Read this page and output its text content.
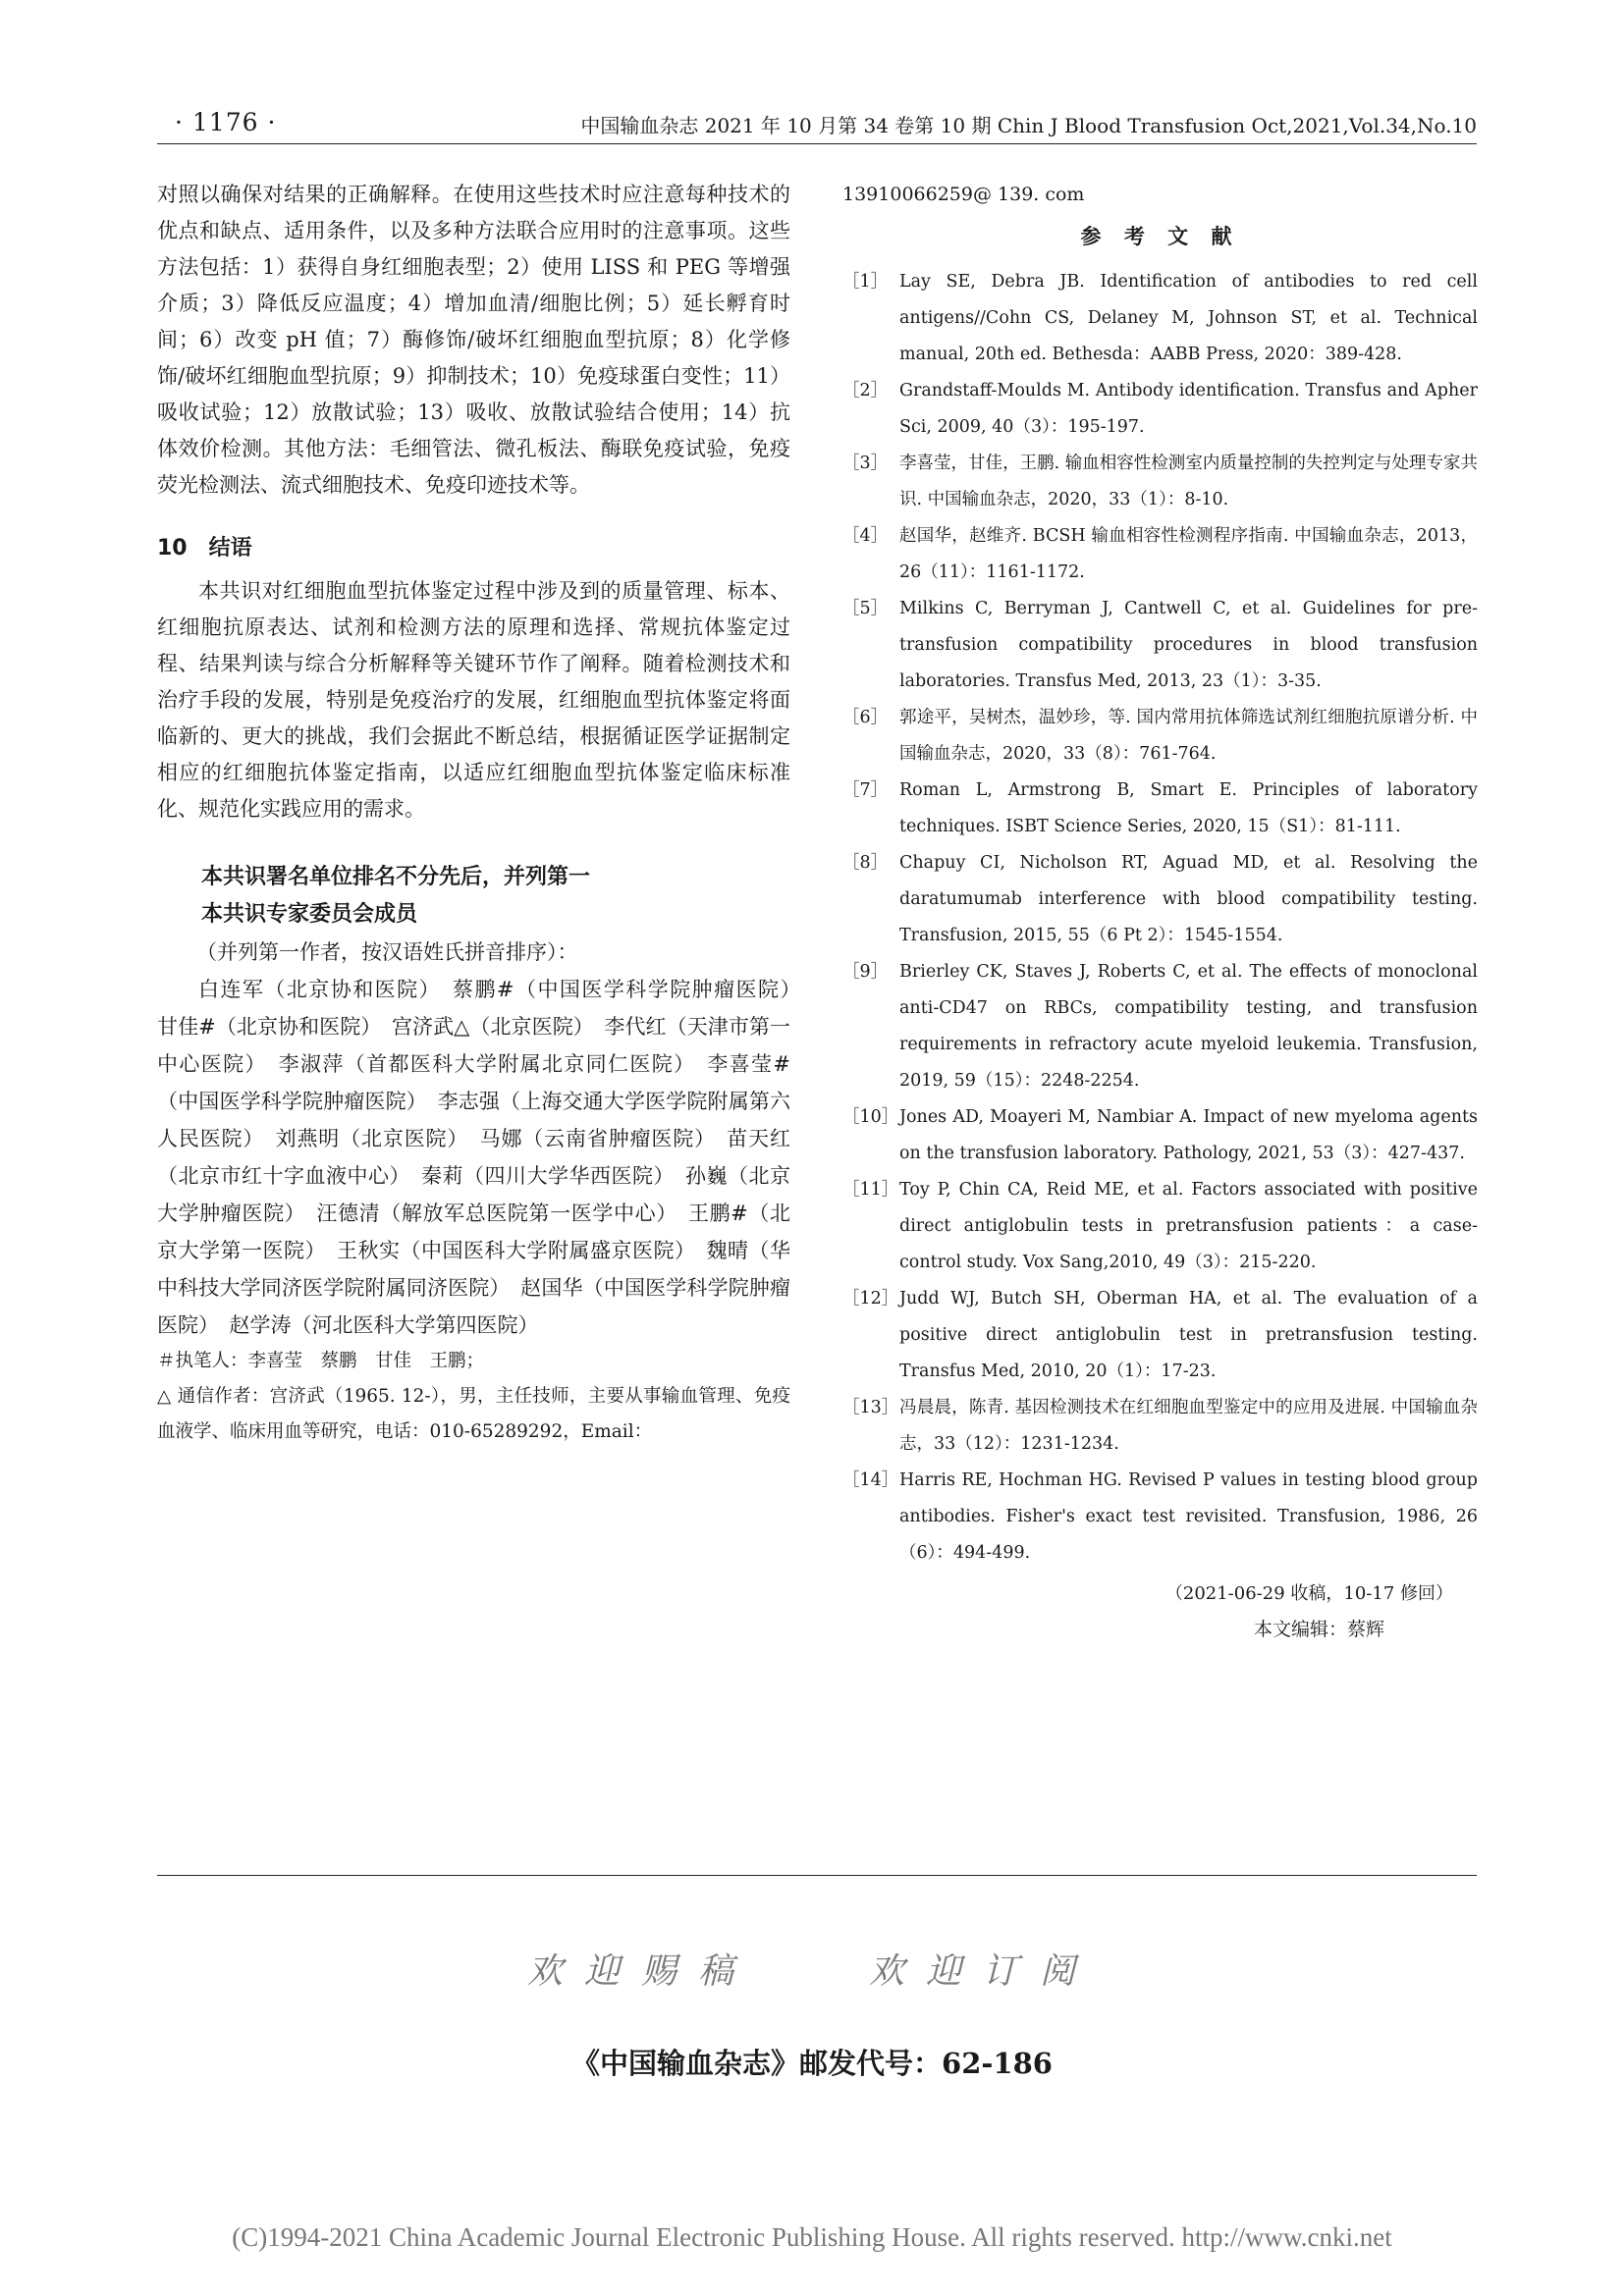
· 1176 ·	中国输血杂志 2021 年 10 月第 34 卷第 10 期 Chin J Blood Transfusion Oct,2021,Vol.34,No.10

对照以确保对结果的正确解释。在使用这些技术时应注意每种技术的优点和缺点、适用条件，以及多种方法联合应用时的注意事项。这些方法包括：1）获得自身红细胞表型；2）使用 LISS 和 PEG 等增强介质；3）降低反应温度；4）增加血清/细胞比例；5）延长孵育时间；6）改变 pH 值；7）酶修饰/破坏红细胞血型抗原；8）化学修饰/破坏红细胞血型抗原；9）抑制技术；10）免疫球蛋白变性；11）吸收试验；12）放散试验；13）吸收、放散试验结合使用；14）抗体效价检测。其他方法：毛细管法、微孔板法、酶联免疫试验，免疫荧光检测法、流式细胞技术、免疫印迹技术等。

10　结语

本共识对红细胞血型抗体鉴定过程中涉及到的质量管理、标本、红细胞抗原表达、试剂和检测方法的原理和选择、常规抗体鉴定过程、结果判读与综合分析解释等关键环节作了阐释。随着检测技术和治疗手段的发展，特别是免疫治疗的发展，红细胞血型抗体鉴定将面临新的、更大的挑战，我们会据此不断总结，根据循证医学证据制定相应的红细胞抗体鉴定指南，以适应红细胞血型抗体鉴定临床标准化、规范化实践应用的需求。

本共识署名单位排名不分先后，并列第一
本共识专家委员会成员
（并列第一作者，按汉语姓氏拼音排序）：

白连军（北京协和医院）　蔡鹏#（中国医学科学院肿瘤医院）　甘佳#（北京协和医院）　宫济武△（北京医院）　李代红（天津市第一中心医院）　李淑萍（首都医科大学附属北京同仁医院）　李喜莹#（中国医学科学院肿瘤医院）　李志强（上海交通大学医学院附属第六人民医院）　刘燕明（北京医院）　马娜（云南省肿瘤医院）　苗天红（北京市红十字血液中心）　秦莉（四川大学华西医院）　孙巍（北京大学肿瘤医院）　汪德清（解放军总医院第一医学中心）　王鹏#（北京大学第一医院）　王秋实（中国医科大学附属盛京医院）　魏晴（华中科技大学同济医学院附属同济医院）　赵国华（中国医学科学院肿瘤医院）　赵学涛（河北医科大学第四医院）

＃执笔人：李喜莹　蔡鹏　甘佳　王鹏；

△ 通信作者：宫济武（1965. 12-），男，主任技师，主要从事输血管理、免疫血液学、临床用血等研究，电话：010-65289292，Email：

13910066259@ 139. com

参 考 文 献
［1］ Lay SE, Debra JB. Identification of antibodies to red cell antigens//Cohn CS, Delaney M, Johnson ST, et al. Technical manual, 20th ed. Bethesda：AABB Press, 2020：389-428.
［2］ Grandstaff-Moulds M. Antibody identification. Transfus and Apher Sci, 2009, 40（3）：195-197.
［3］ 李喜莹，甘佳，王鹏. 输血相容性检测室内质量控制的失控判定与处理专家共识. 中国输血杂志，2020，33（1）：8-10.
［4］ 赵国华，赵维齐. BCSH 输血相容性检测程序指南. 中国输血杂志，2013，26（11）：1161-1172.
［5］ Milkins C, Berryman J, Cantwell C, et al. Guidelines for pre-transfusion compatibility procedures in blood transfusion laboratories. Transfus Med, 2013, 23（1）：3-35.
［6］ 郭途平，吴树杰，温妙珍，等. 国内常用抗体筛选试剂红细胞抗原谱分析. 中国输血杂志，2020，33（8）：761-764.
［7］ Roman L, Armstrong B, Smart E. Principles of laboratory techniques. ISBT Science Series, 2020, 15（S1）：81-111.
［8］ Chapuy CI, Nicholson RT, Aguad MD, et al. Resolving the daratumumab interference with blood compatibility testing. Transfusion, 2015, 55（6 Pt 2）：1545-1554.
［9］ Brierley CK, Staves J, Roberts C, et al. The effects of monoclonal anti-CD47 on RBCs, compatibility testing, and transfusion requirements in refractory acute myeloid leukemia. Transfusion, 2019, 59（15）：2248-2254.
［10］ Jones AD, Moayeri M, Nambiar A. Impact of new myeloma agents on the transfusion laboratory. Pathology, 2021, 53（3）：427-437.
［11］ Toy P, Chin CA, Reid ME, et al. Factors associated with positive direct antiglobulin tests in pretransfusion patients：a case-control study. Vox Sang,2010, 49（3）：215-220.
［12］ Judd WJ, Butch SH, Oberman HA, et al. The evaluation of a positive direct antiglobulin test in pretransfusion testing. Transfus Med, 2010, 20（1）：17-23.
［13］ 冯晨晨，陈青. 基因检测技术在红细胞血型鉴定中的应用及进展. 中国输血杂志，33（12）：1231-1234.
［14］ Harris RE, Hochman HG. Revised P values in testing blood group antibodies. Fisher's exact test revisited. Transfusion, 1986, 26（6）：494-499.
（2021-06-29 收稿，10-17 修回）
本文编辑：蔡辉
欢迎赐稿　　欢迎订阅
《中国输血杂志》邮发代号：62-186
(C)1994-2021 China Academic Journal Electronic Publishing House. All rights reserved. http://www.cnki.net
